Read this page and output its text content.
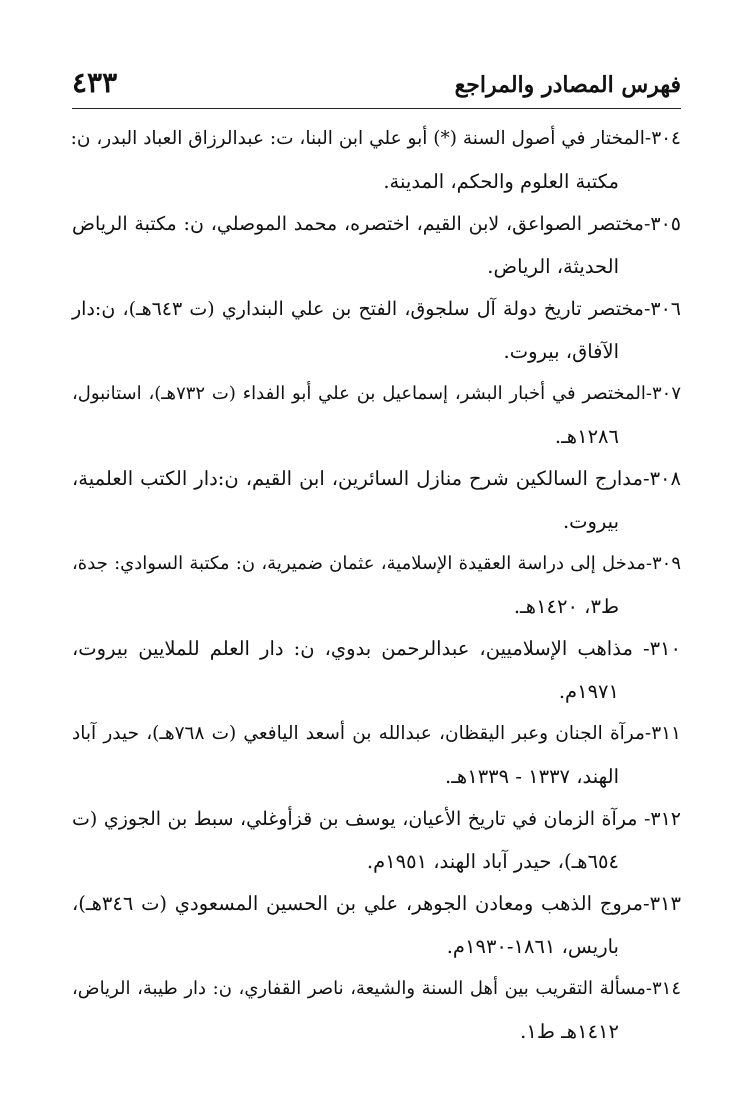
فهرس المصادر والمراجع
٤٣٣
٣٠٤-المختار في أصول السنة (*) أبو علي ابن البنا، ت: عبدالرزاق العباد البدر، ن:
مكتبة العلوم والحكم، المدينة.
٣٠٥-مختصر الصواعق، لابن القيم، اختصره، محمد الموصلي، ن: مكتبة الرياض
الحديثة، الرياض.
٣٠٦-مختصر تاريخ دولة آل سلجوق، الفتح بن علي البنداري (ت ٦٤٣هـ)، ن:دار
الآفاق، بيروت.
٣٠٧-المختصر في أخبار البشر، إسماعيل بن علي أبو الفداء (ت ٧٣٢هـ)، استانبول،
١٢٨٦هـ.
٣٠٨-مدارج السالكين شرح منازل السائرين، ابن القيم، ن:دار الكتب العلمية،
بيروت.
٣٠٩-مدخل إلى دراسة العقيدة الإسلامية، عثمان ضميرية، ن: مكتبة السوادي: جدة،
ط٣، ١٤٢٠هـ.
٣١٠- مذاهب الإسلاميين، عبدالرحمن بدوي، ن: دار العلم للملايين بيروت،
١٩٧١م.
٣١١-مرآة الجنان وعبر اليقظان، عبدالله بن أسعد اليافعي (ت ٧٦٨هـ)، حيدر آباد
الهند، ١٣٣٧ - ١٣٣٩هـ.
٣١٢- مرآة الزمان في تاريخ الأعيان، يوسف بن قزأوغلي، سبط بن الجوزي (ت
٦٥٤هـ)، حيدر آباد الهند، ١٩٥١م.
٣١٣-مروج الذهب ومعادن الجوهر، علي بن الحسين المسعودي (ت ٣٤٦هـ)،
باريس، ١٨٦١-١٩٣٠م.
٣١٤-مسألة التقريب بين أهل السنة والشيعة، ناصر القفاري، ن: دار طيبة، الرياض،
١٤١٢هـ ط١.
